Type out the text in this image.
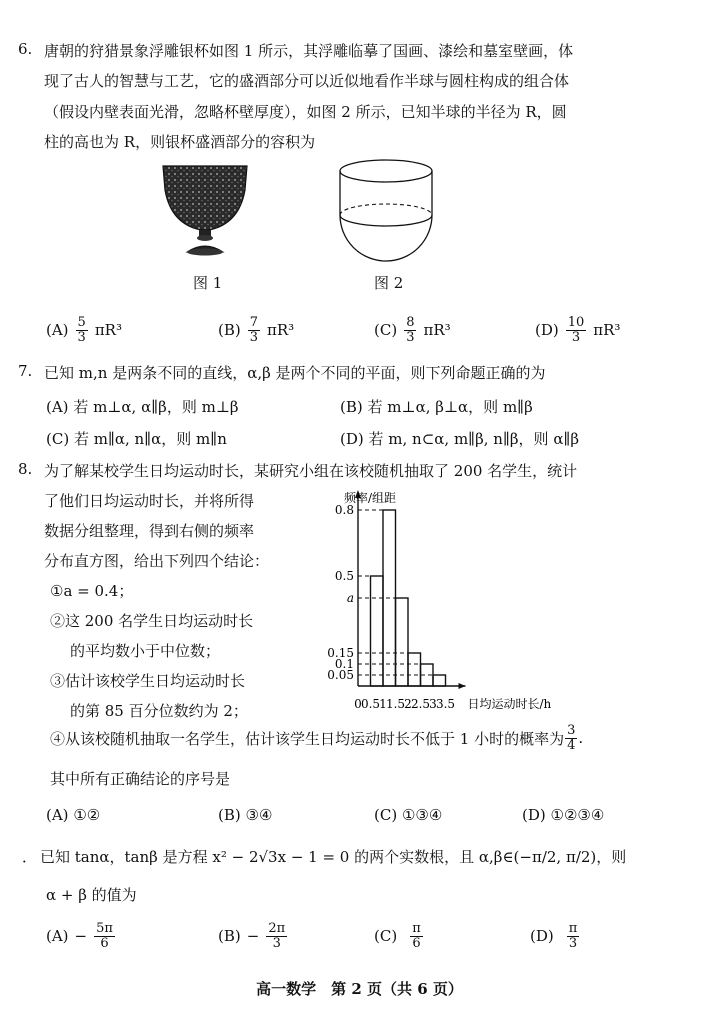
6. 唐朝的狩猎景象浮雕银杯如图 1 所示，其浮雕临摹了国画、漆绘和墓室壁画，体
现了古人的智慧与工艺，它的盛酒部分可以近似地看作半球与圆柱构成的组合体
（假设内壁表面光滑，忽略杯壁厚度），如图 2 所示，已知半球的半径为 R，圆
柱的高也为 R，则银杯盛酒部分的容积为
图 1	图 2
$(A) \frac{5}{3} \pi R^3$	$(B) \frac{7}{3} \pi R^3$	$(C) \frac{8}{3} \pi R^3$	$(D) \frac{10}{3} \pi R^3$
7. 已知 m,n 是两条不同的直线，α,β 是两个不同的平面，则下列命题正确的为
(A) 若 m⊥α, α∥β，则 m⊥β	(B) 若 m⊥α, β⊥α，则 m∥β
(C) 若 m∥α, n∥α，则 m∥n	(D) 若 m, n⊂α, m∥β, n∥β，则 α∥β
8. 为了解某校学生日均运动时长，某研究小组在该校随机抽取了 200 名学生，统计
了他们日均运动时长，并将所得
数据分组整理，得到右侧的频率
分布直方图，给出下列四个结论：
①a = 0.4；
②这 200 名学生日均运动时长
的平均数小于中位数；
③估计该校学生日均运动时长
的第 85 百分位数约为 2；
④从该校随机抽取一名学生，估计该学生日均运动时长不低于 1 小时的概率为 $\frac{3}{4}$ .
其中所有正确结论的序号是
(A) ①②	(B) ③④	(C) ①③④	(D) ①②③④
0 0.5 1 1.5 2 2.5 3 3.5
0.05
0.1
0.15
a
0.5
0.8
频率/组距
日均运动时长/h
． 已知 tanα，tanβ 是方程 x² − 2√3x − 1 = 0 的两个实数根，且 α,β∈(−π/2, π/2)，则
α + β 的值为
$(A) - \frac{5\pi}{6}$	$(B) - \frac{2\pi}{3}$	$(C) \frac{\pi}{6}$	$(D) \frac{\pi}{3}$
高一数学　第 2 页（共 6 页）
